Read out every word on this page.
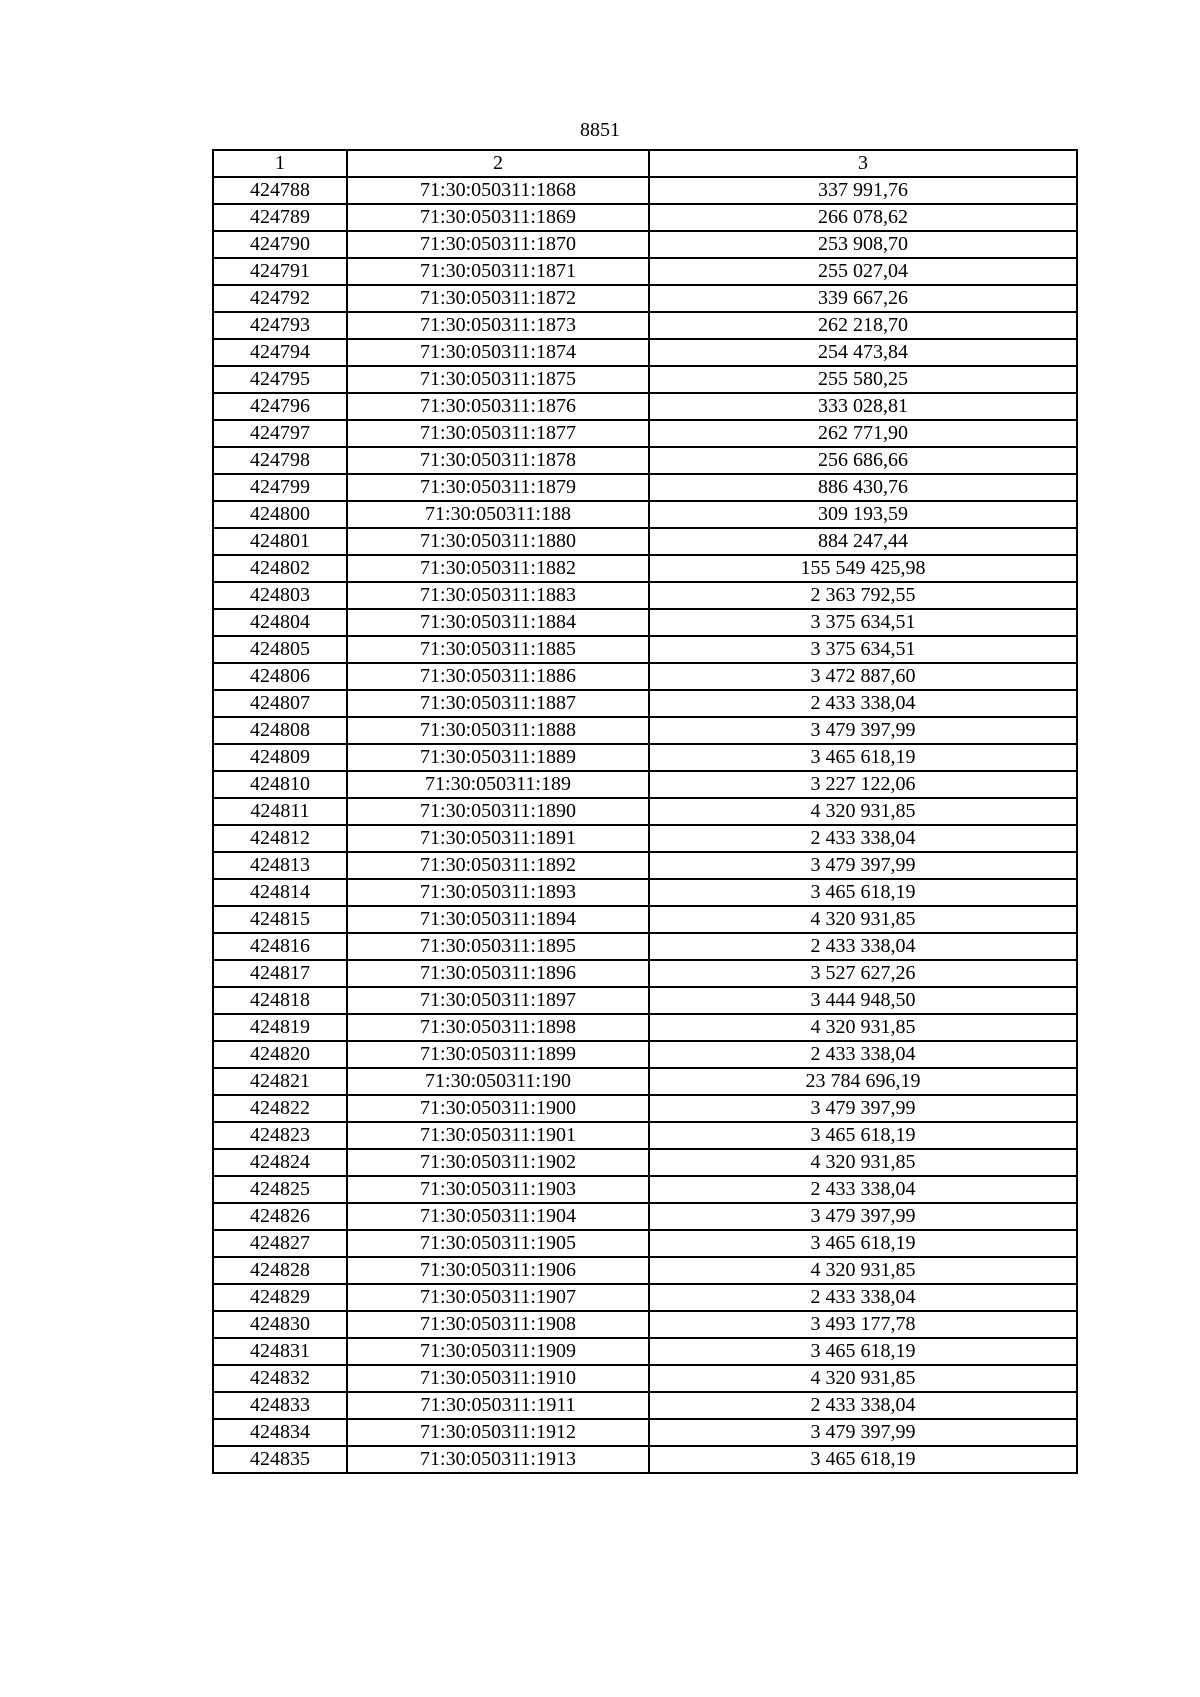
8851
1	2	3
424788	71:30:050311:1868	337 991,76
424789	71:30:050311:1869	266 078,62
424790	71:30:050311:1870	253 908,70
424791	71:30:050311:1871	255 027,04
424792	71:30:050311:1872	339 667,26
424793	71:30:050311:1873	262 218,70
424794	71:30:050311:1874	254 473,84
424795	71:30:050311:1875	255 580,25
424796	71:30:050311:1876	333 028,81
424797	71:30:050311:1877	262 771,90
424798	71:30:050311:1878	256 686,66
424799	71:30:050311:1879	886 430,76
424800	71:30:050311:188	309 193,59
424801	71:30:050311:1880	884 247,44
424802	71:30:050311:1882	155 549 425,98
424803	71:30:050311:1883	2 363 792,55
424804	71:30:050311:1884	3 375 634,51
424805	71:30:050311:1885	3 375 634,51
424806	71:30:050311:1886	3 472 887,60
424807	71:30:050311:1887	2 433 338,04
424808	71:30:050311:1888	3 479 397,99
424809	71:30:050311:1889	3 465 618,19
424810	71:30:050311:189	3 227 122,06
424811	71:30:050311:1890	4 320 931,85
424812	71:30:050311:1891	2 433 338,04
424813	71:30:050311:1892	3 479 397,99
424814	71:30:050311:1893	3 465 618,19
424815	71:30:050311:1894	4 320 931,85
424816	71:30:050311:1895	2 433 338,04
424817	71:30:050311:1896	3 527 627,26
424818	71:30:050311:1897	3 444 948,50
424819	71:30:050311:1898	4 320 931,85
424820	71:30:050311:1899	2 433 338,04
424821	71:30:050311:190	23 784 696,19
424822	71:30:050311:1900	3 479 397,99
424823	71:30:050311:1901	3 465 618,19
424824	71:30:050311:1902	4 320 931,85
424825	71:30:050311:1903	2 433 338,04
424826	71:30:050311:1904	3 479 397,99
424827	71:30:050311:1905	3 465 618,19
424828	71:30:050311:1906	4 320 931,85
424829	71:30:050311:1907	2 433 338,04
424830	71:30:050311:1908	3 493 177,78
424831	71:30:050311:1909	3 465 618,19
424832	71:30:050311:1910	4 320 931,85
424833	71:30:050311:1911	2 433 338,04
424834	71:30:050311:1912	3 479 397,99
424835	71:30:050311:1913	3 465 618,19
